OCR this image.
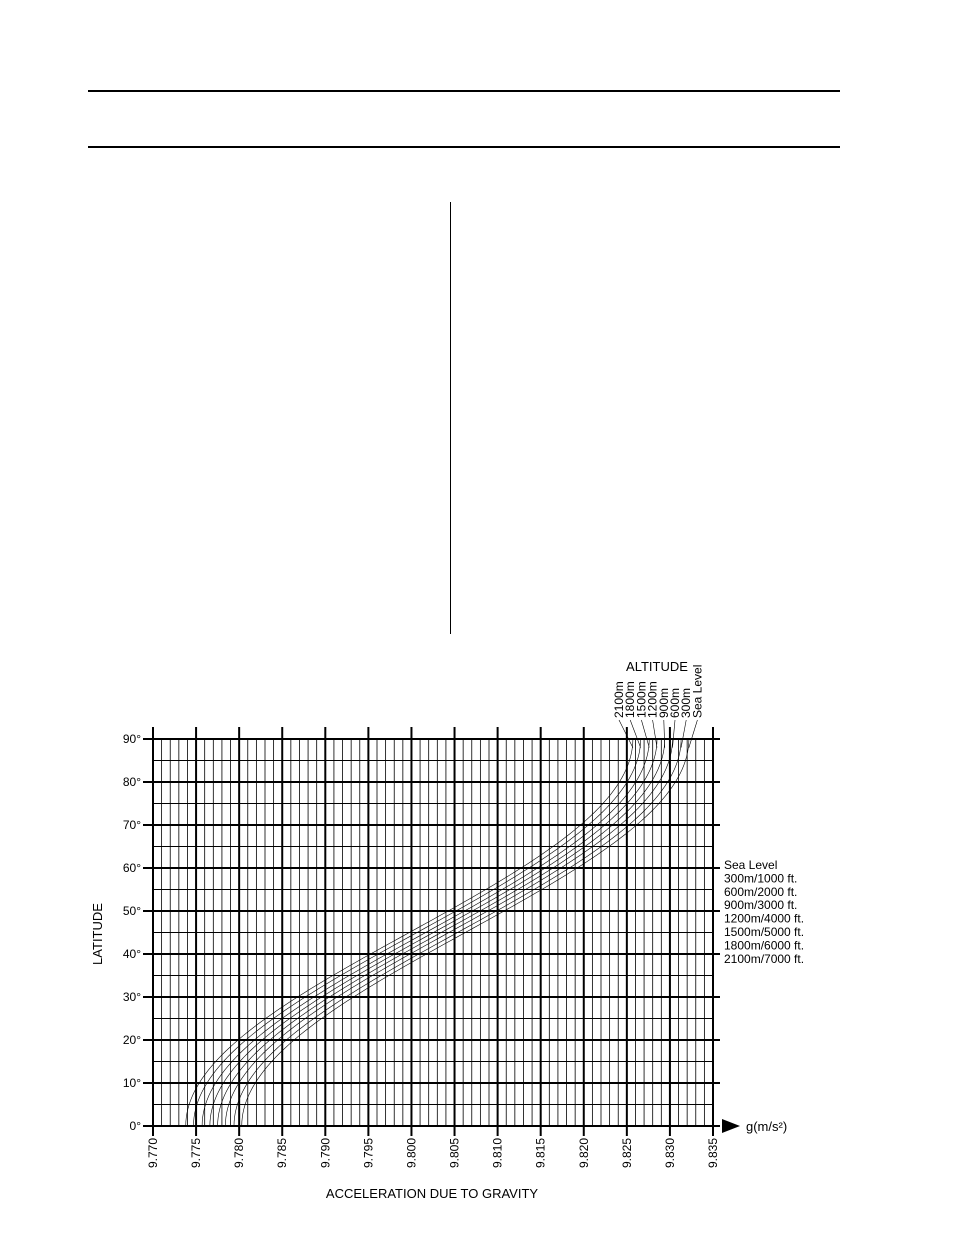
0°
10°
20°
30°
40°
50°
60°
70°
80°
90°
9.770 9.775 9.780 9.785 9.790 9.795 9.800 9.805 9.810 9.815 9.820 9.825 9.830 9.835
2100m
1800m
1500m
1200m
900m
600m
300m
Sea Level
Sea Level
300m/1000 ft.
600m/2000 ft.
900m/3000 ft.
1200m/4000 ft.
1500m/5000 ft.
1800m/6000 ft.
2100m/7000 ft.
LATITUDE
ACCELERATION DUE TO GRAVITY
ALTITUDE
g(m/s²)
